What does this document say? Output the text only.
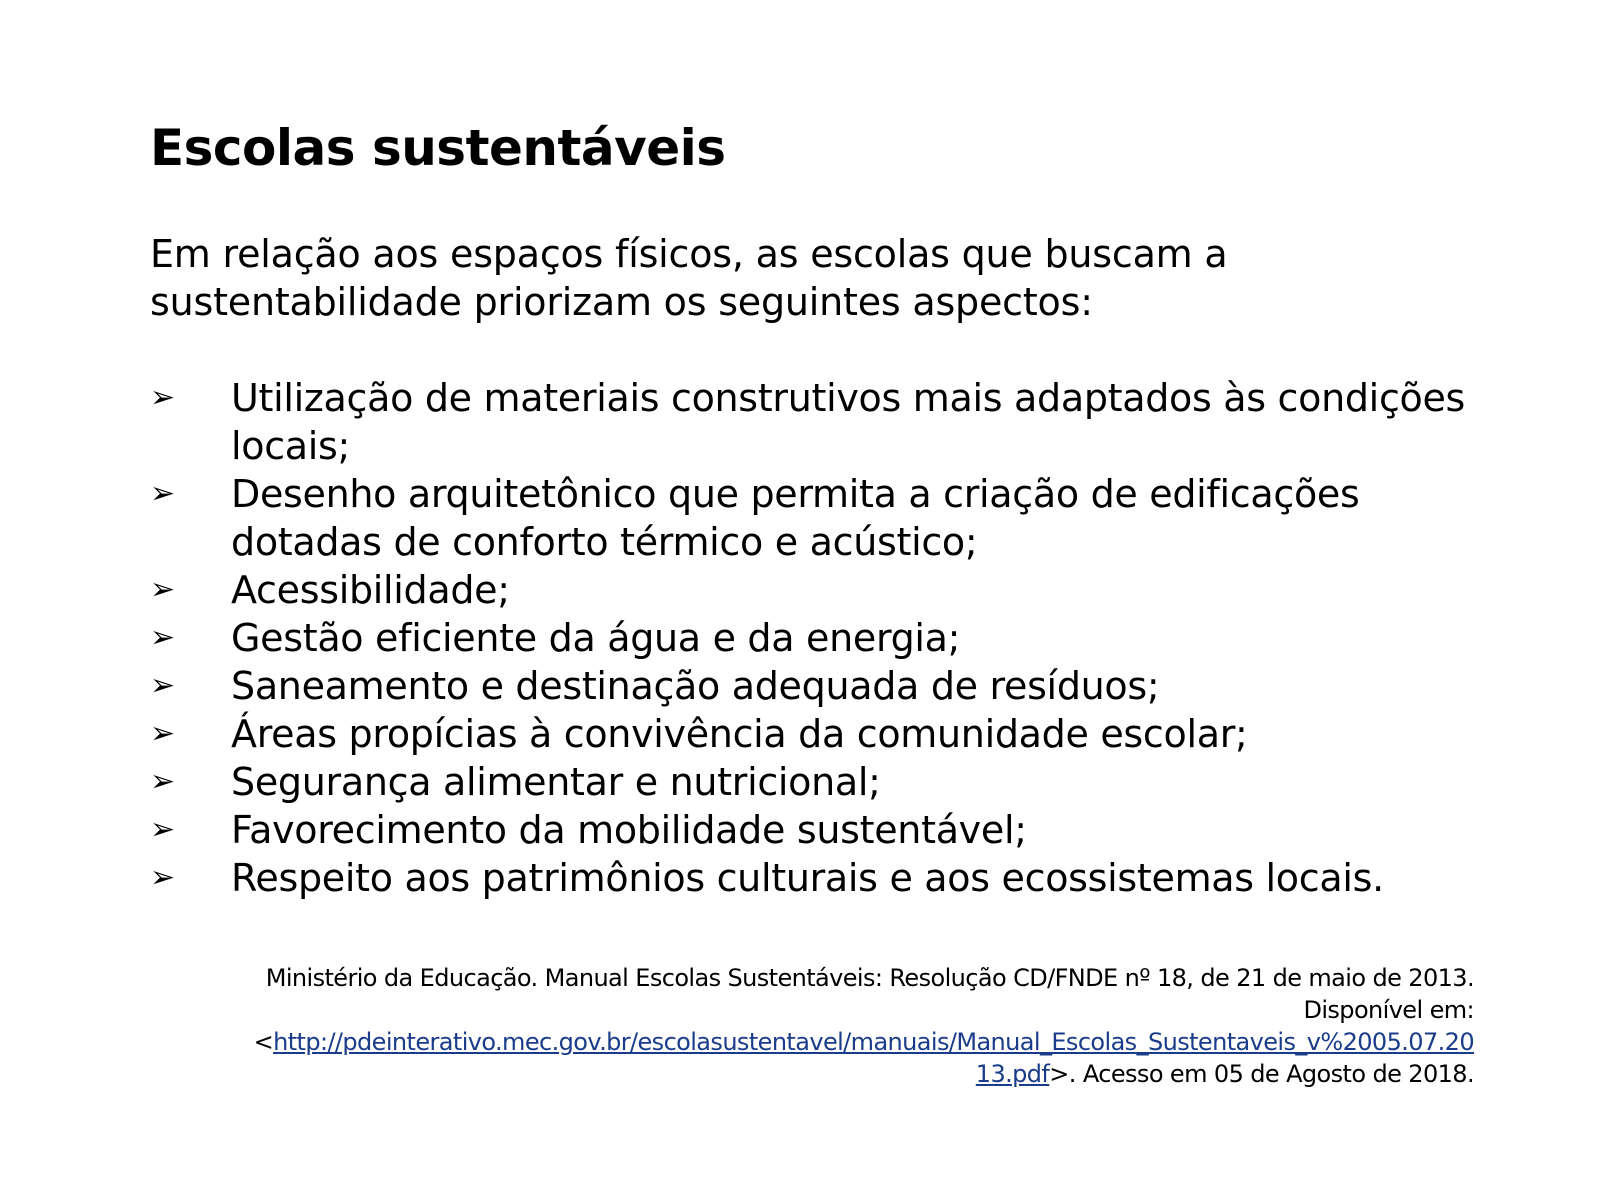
Escolas sustentáveis

Em relação aos espaços físicos, as escolas que buscam a
sustentabilidade priorizam os seguintes aspectos:

➢	Utilização de materiais construtivos mais adaptados às condições
locais;
➢	Desenho arquitetônico que permita a criação de edificações
dotadas de conforto térmico e acústico;
➢	Acessibilidade;
➢	Gestão eficiente da água e da energia;
➢	Saneamento e destinação adequada de resíduos;
➢	Áreas propícias à convivência da comunidade escolar;
➢	Segurança alimentar e nutricional;
➢	Favorecimento da mobilidade sustentável;
➢	Respeito aos patrimônios culturais e aos ecossistemas locais.

Ministério da Educação. Manual Escolas Sustentáveis: Resolução CD/FNDE nº 18, de 21 de maio de 2013.
Disponível em:
<http://pdeinterativo.mec.gov.br/escolasustentavel/manuais/Manual_Escolas_Sustentaveis_v%2005.07.20
13.pdf>. Acesso em 05 de Agosto de 2018.
